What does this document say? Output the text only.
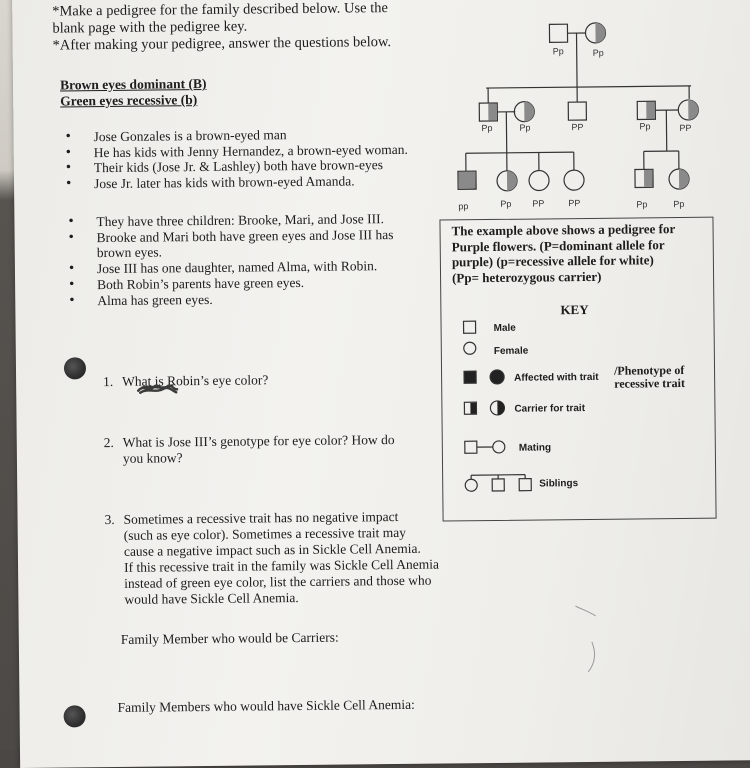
*Make a pedigree for the family described below. Use the
blank page with the pedigree key.
*After making your pedigree, answer the questions below.
Brown eyes dominant (B)
Green eyes recessive (b)
• Jose Gonzales is a brown-eyed man
• He has kids with Jenny Hernandez, a brown-eyed woman.
• Their kids (Jose Jr. & Lashley) both have brown-eyes
• Jose Jr. later has kids with brown-eyed Amanda.
• They have three children: Brooke, Mari, and Jose III.
• Brooke and Mari both have green eyes and Jose III has
brown eyes.
• Jose III has one daughter, named Alma, with Robin.
• Both Robin’s parents have green eyes.
• Alma has green eyes.
1. What is Robin’s eye color?
2. What is Jose III’s genotype for eye color? How do
you know?
3. Sometimes a recessive trait has no negative impact
(such as eye color). Sometimes a recessive trait may
cause a negative impact such as in Sickle Cell Anemia.
If this recessive trait in the family was Sickle Cell Anemia
instead of green eye color, list the carriers and those who
would have Sickle Cell Anemia.
Family Member who would be Carriers:
Family Members who would have Sickle Cell Anemia:
Pp	Pp
Pp	Pp	PP	Pp	PP
pp	Pp PP	PP	Pp	Pp
The example above shows a pedigree for
Purple flowers. (P=dominant allele for
purple) (p=recessive allele for white)
(Pp= heterozygous carrier)
KEY
Male
Female
Affected with trait
/Phenotype of
recessive trait
Carrier for trait
Mating
Siblings
